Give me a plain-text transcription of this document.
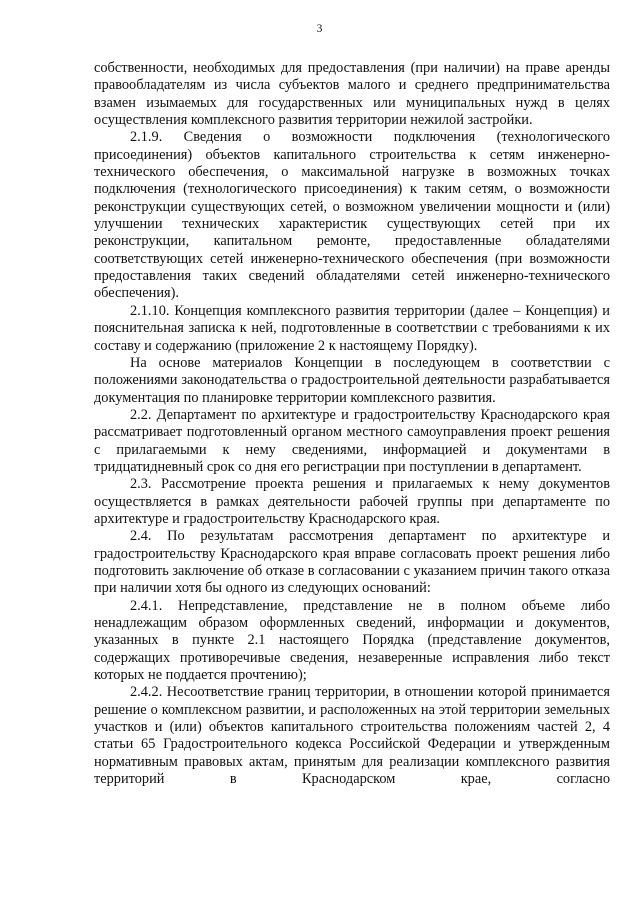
3

собственности, необходимых для предоставления (при наличии) на праве аренды правообладателям из числа субъектов малого и среднего предпринимательства взамен изымаемых для государственных или муниципальных нужд в целях осуществления комплексного развития территории нежилой застройки.

2.1.9. Сведения о возможности подключения (технологического присоединения) объектов капитального строительства к сетям инженерно-технического обеспечения, о максимальной нагрузке в возможных точках подключения (технологического присоединения) к таким сетям, о возможности реконструкции существующих сетей, о возможном увеличении мощности и (или) улучшении технических характеристик существующих сетей при их реконструкции, капитальном ремонте, предоставленные обладателями соответствующих сетей инженерно-технического обеспечения (при возможности предоставления таких сведений обладателями сетей инженерно-технического обеспечения).

2.1.10. Концепция комплексного развития территории (далее – Концепция) и пояснительная записка к ней, подготовленные в соответствии с требованиями к их составу и содержанию (приложение 2 к настоящему Порядку).

На основе материалов Концепции в последующем в соответствии с положениями законодательства о градостроительной деятельности разрабатывается документация по планировке территории комплексного развития.

2.2. Департамент по архитектуре и градостроительству Краснодарского края рассматривает подготовленный органом местного самоуправления проект решения с прилагаемыми к нему сведениями, информацией и документами в тридцатидневный срок со дня его регистрации при поступлении в департамент.

2.3. Рассмотрение проекта решения и прилагаемых к нему документов осуществляется в рамках деятельности рабочей группы при департаменте по архитектуре и градостроительству Краснодарского края.

2.4. По результатам рассмотрения департамент по архитектуре и градостроительству Краснодарского края вправе согласовать проект решения либо подготовить заключение об отказе в согласовании с указанием причин такого отказа при наличии хотя бы одного из следующих оснований:

2.4.1. Непредставление, представление не в полном объеме либо ненадлежащим образом оформленных сведений, информации и документов, указанных в пункте 2.1 настоящего Порядка (представление документов, содержащих противоречивые сведения, незаверенные исправления либо текст которых не поддается прочтению);

2.4.2. Несоответствие границ территории, в отношении которой принимается решение о комплексном развитии, и расположенных на этой территории земельных участков и (или) объектов капитального строительства положениям частей 2, 4 статьи 65 Градостроительного кодекса Российской Федерации и утвержденным нормативным правовых актам, принятым для реализации комплексного развития территорий в Краснодарском крае, согласно
